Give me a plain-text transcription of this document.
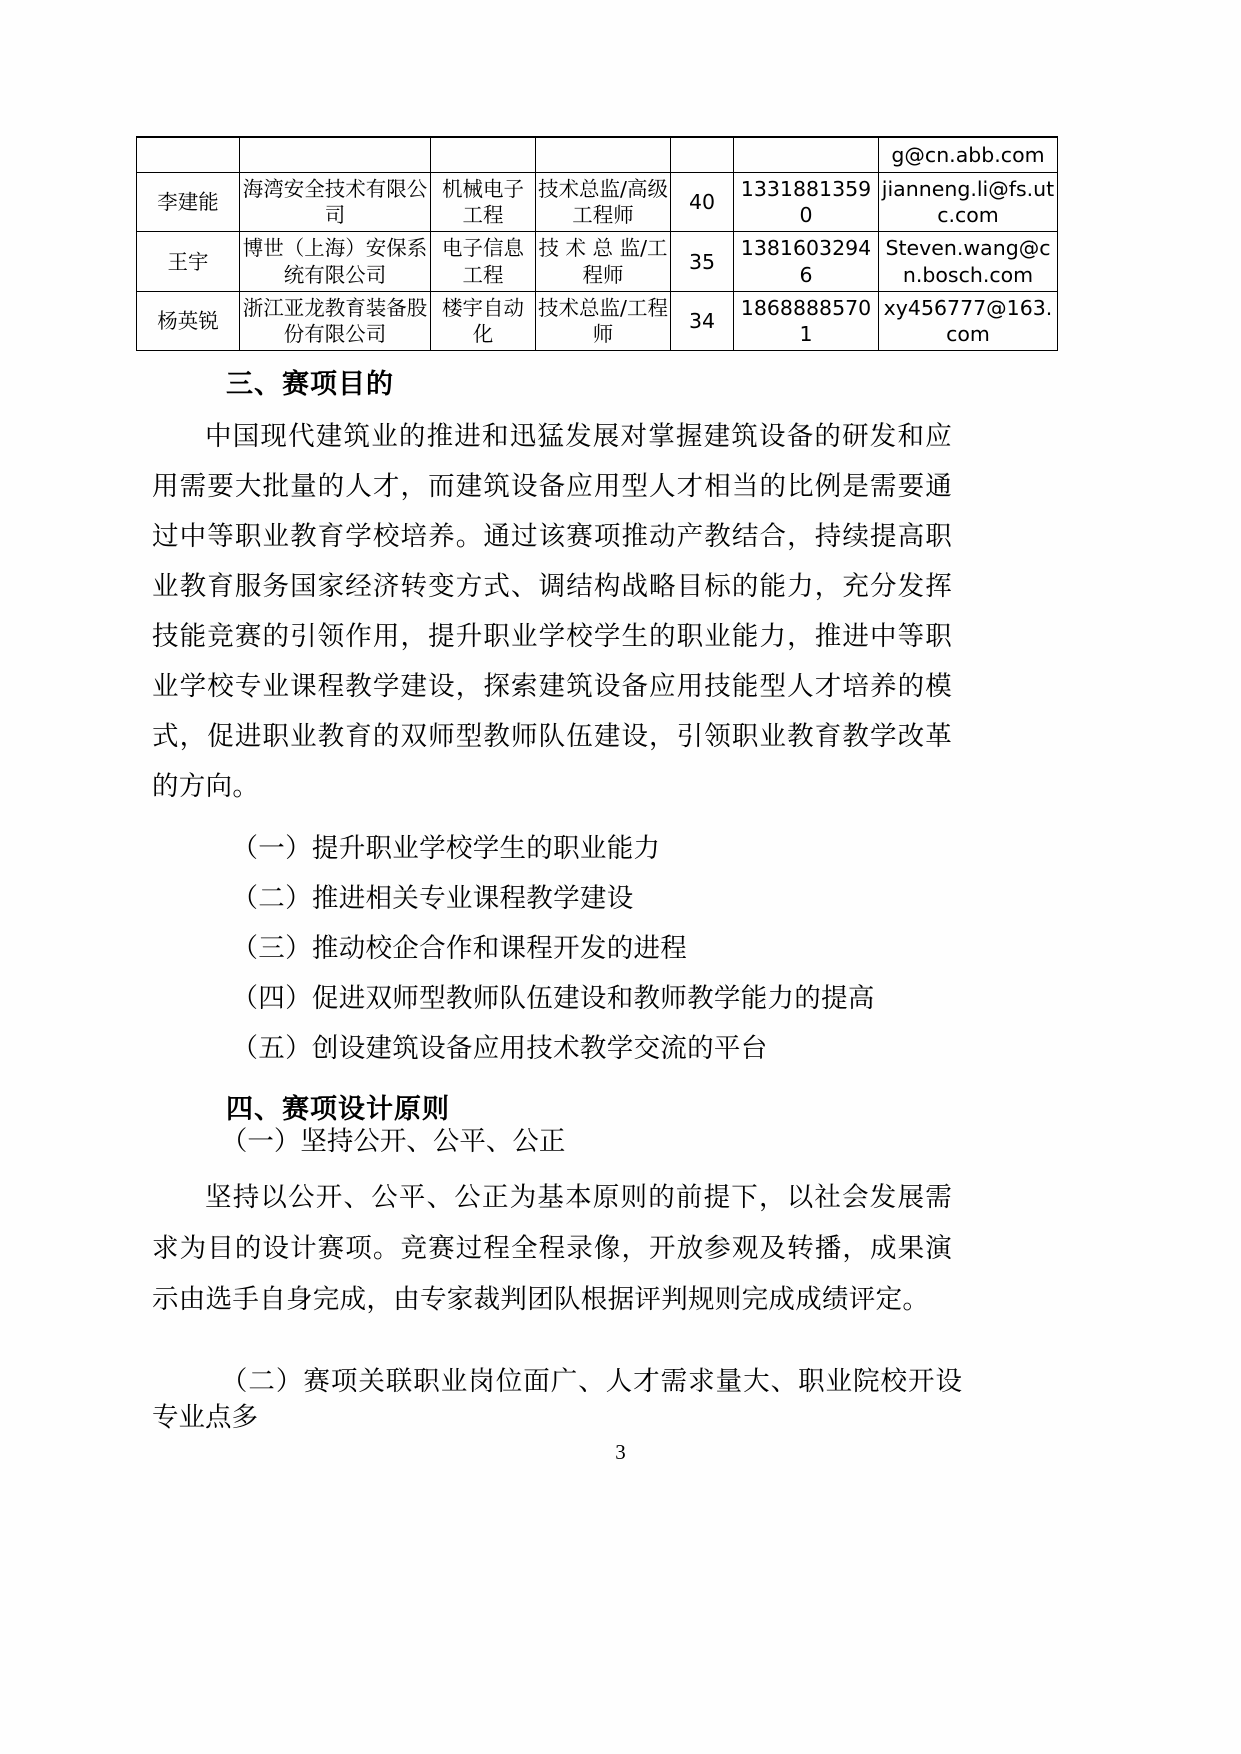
						g@cn.abb.com
李建能	海湾安全技术有限公司	机械电子工程	技术总监/高级工程师	40	13318813590	jianneng.li@fs.utc.com
王宇	博世（上海）安保系统有限公司	电子信息工程	技 术 总 监/工程师	35	13816032946	Steven.wang@cn.bosch.com
杨英锐	浙江亚龙教育装备股份有限公司	楼宇自动化	技术总监/工程师	34	18688885701	xy456777@163.com
三、赛项目的
中国现代建筑业的推进和迅猛发展对掌握建筑设备的研发和应用需要大批量的人才，而建筑设备应用型人才相当的比例是需要通过中等职业教育学校培养。通过该赛项推动产教结合，持续提高职业教育服务国家经济转变方式、调结构战略目标的能力，充分发挥技能竞赛的引领作用，提升职业学校学生的职业能力，推进中等职业学校专业课程教学建设，探索建筑设备应用技能型人才培养的模式，促进职业教育的双师型教师队伍建设，引领职业教育教学改革的方向。
（一）提升职业学校学生的职业能力
（二）推进相关专业课程教学建设
（三）推动校企合作和课程开发的进程
（四）促进双师型教师队伍建设和教师教学能力的提高
（五）创设建筑设备应用技术教学交流的平台
四、赛项设计原则
（一）坚持公开、公平、公正
坚持以公开、公平、公正为基本原则的前提下，以社会发展需求为目的设计赛项。竞赛过程全程录像，开放参观及转播，成果演示由选手自身完成，由专家裁判团队根据评判规则完成成绩评定。
（二）赛项关联职业岗位面广、人才需求量大、职业院校开设专业点多
3
